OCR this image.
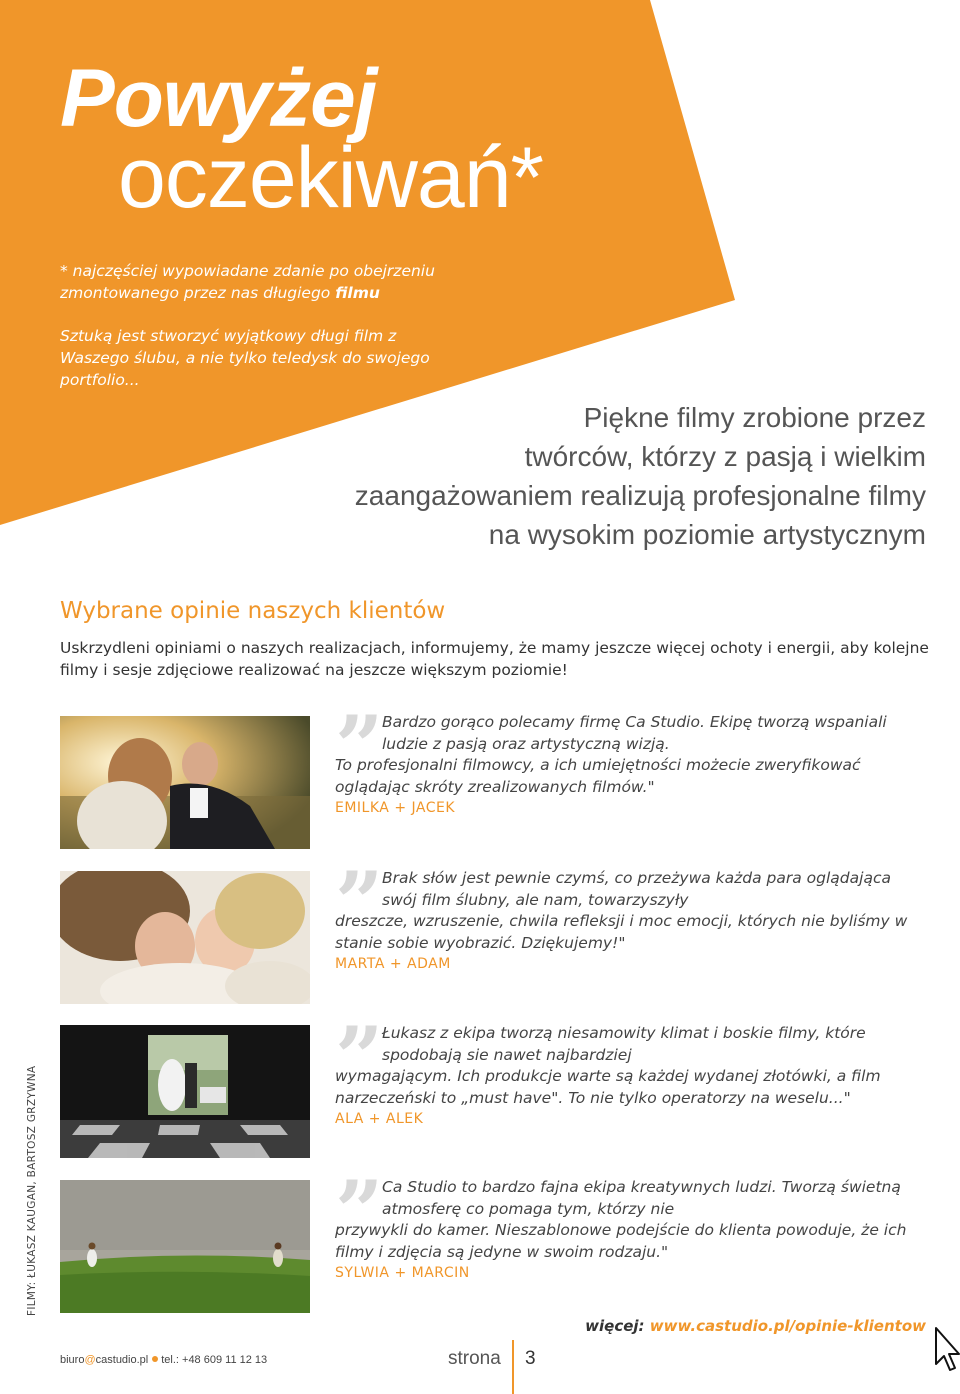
Powyżej
oczekiwań*
* najczęściej wypowiadane zdanie po obejrzeniu zmontowanego przez nas długiego filmu
Sztuką jest stworzyć wyjątkowy długi film z Waszego ślubu, a nie tylko teledysk do swojego portfolio...
Piękne filmy zrobione przez
twórców, którzy z pasją i wielkim
zaangażowaniem realizują profesjonalne filmy
na wysokim poziomie artystycznym
Wybrane opinie naszych klientów
Uskrzydleni opiniami o naszych realizacjach, informujemy, że mamy jeszcze więcej ochoty i energii, aby kolejne filmy i sesje zdjęciowe realizować na jeszcze większym poziomie!
”
Bardzo gorąco polecamy firmę Ca Studio. Ekipę tworzą wspaniali ludzie z pasją oraz artystyczną wizją.
To profesjonalni filmowcy, a ich umiejętności możecie zweryfikować oglądając skróty zrealizowanych filmów."
EMILKA + JACEK
”
Brak słów jest pewnie czymś, co przeżywa każda para oglądająca swój film ślubny, ale nam, towarzyszyły
dreszcze, wzruszenie, chwila refleksji i moc emocji, których nie byliśmy w stanie sobie wyobrazić. Dziękujemy!"
MARTA + ADAM
”
Łukasz z ekipa tworzą niesamowity klimat i boskie filmy, które spodobają sie nawet najbardziej
wymagającym. Ich produkcje warte są każdej wydanej złotówki, a film narzeczeński to „must have". To nie tylko operatorzy na weselu..."
ALA + ALEK
”
Ca Studio to bardzo fajna ekipa kreatywnych ludzi. Tworzą świetną atmosferę co pomaga tym, którzy nie
przywykli do kamer. Nieszablonowe podejście do klienta powoduje, że ich filmy i zdjęcia są jedyne w swoim rodzaju."
SYLWIA + MARCIN
FILMY: ŁUKASZ KAUGAN, BARTOSZ GRZYWNA
więcej: www.castudio.pl/opinie-klientow
biuro@castudio.pl tel.: +48 609 11 12 13	strona 3
